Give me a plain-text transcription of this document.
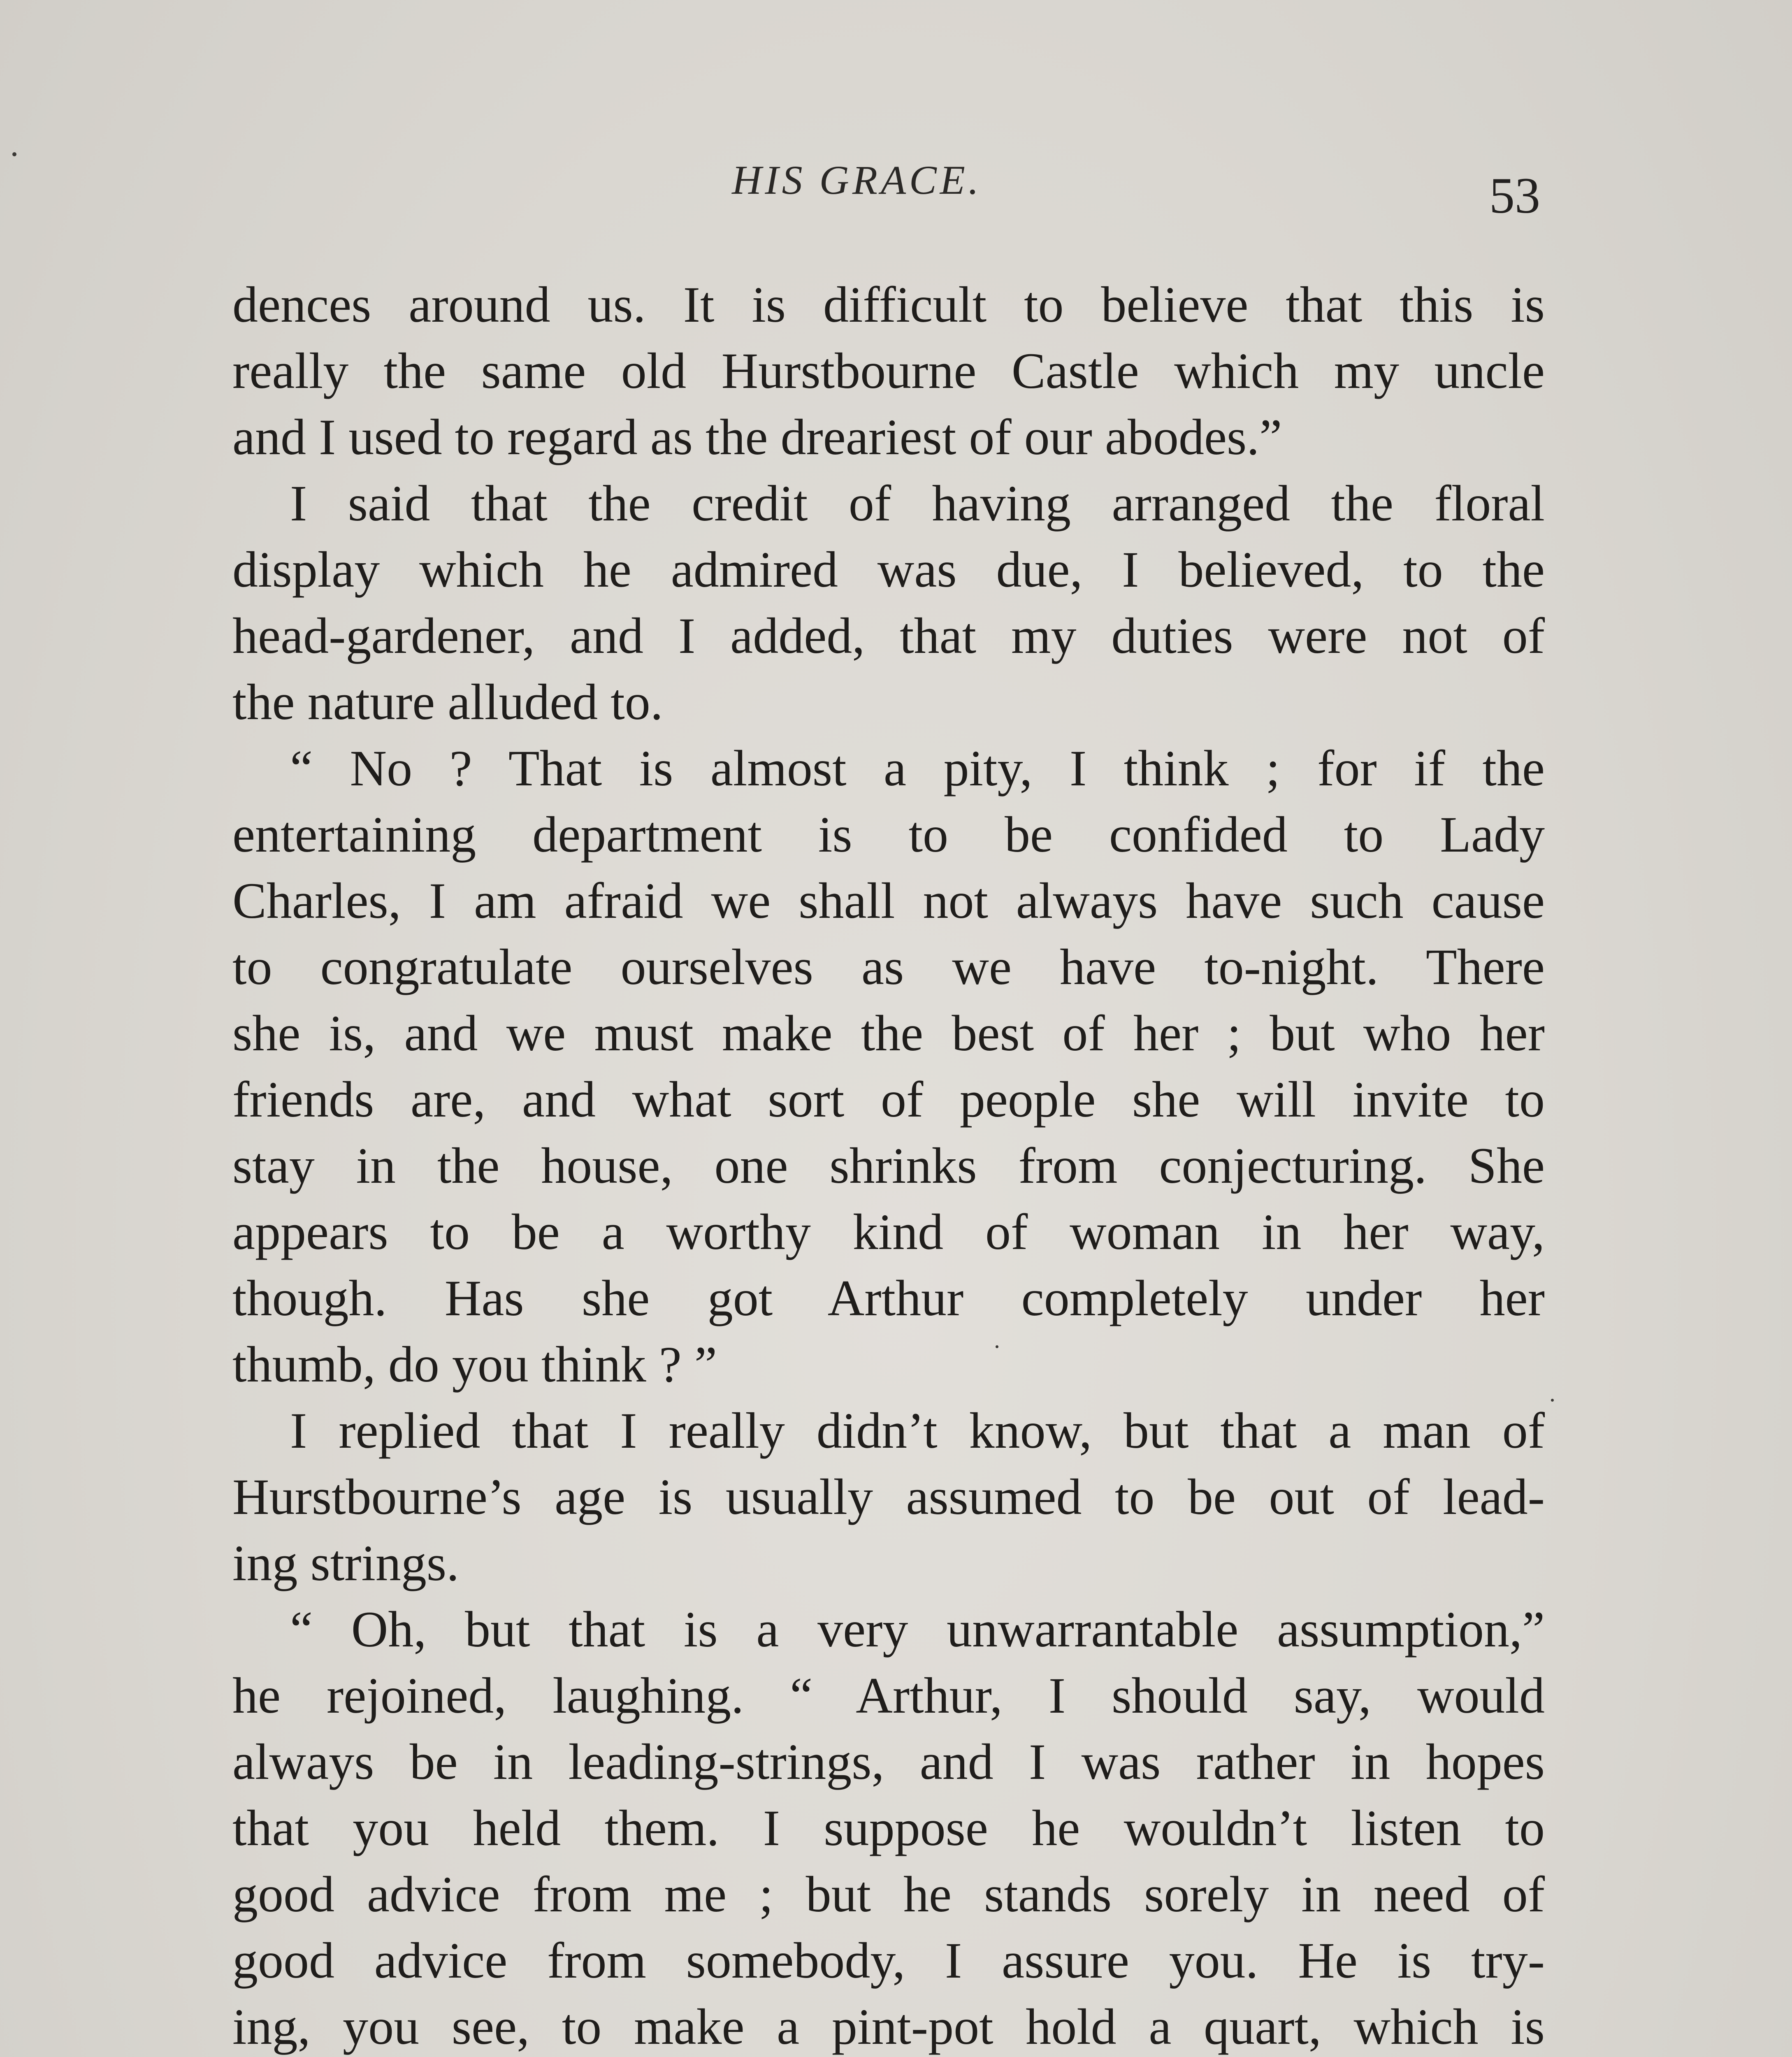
HIS GRACE.	53
dences around us. It is difficult to believe that this is
really the same old Hurstbourne Castle which my uncle
and I used to regard as the dreariest of our abodes.”
I said that the credit of having arranged the floral
display which he admired was due, I believed, to the
head-gardener, and I added, that my duties were not of
the nature alluded to.
“ No ? That is almost a pity, I think ; for if the
entertaining department is to be confided to Lady
Charles, I am afraid we shall not always have such cause
to congratulate ourselves as we have to-night. There
she is, and we must make the best of her ; but who her
friends are, and what sort of people she will invite to
stay in the house, one shrinks from conjecturing. She
appears to be a worthy kind of woman in her way,
though. Has she got Arthur completely under her
thumb, do you think ? ”
I replied that I really didn’t know, but that a man of
Hurstbourne’s age is usually assumed to be out of lead-
ing strings.
“ Oh, but that is a very unwarrantable assumption,”
he rejoined, laughing. “ Arthur, I should say, would
always be in leading-strings, and I was rather in hopes
that you held them. I suppose he wouldn’t listen to
good advice from me ; but he stands sorely in need of
good advice from somebody, I assure you. He is try-
ing, you see, to make a pint-pot hold a quart, which is
